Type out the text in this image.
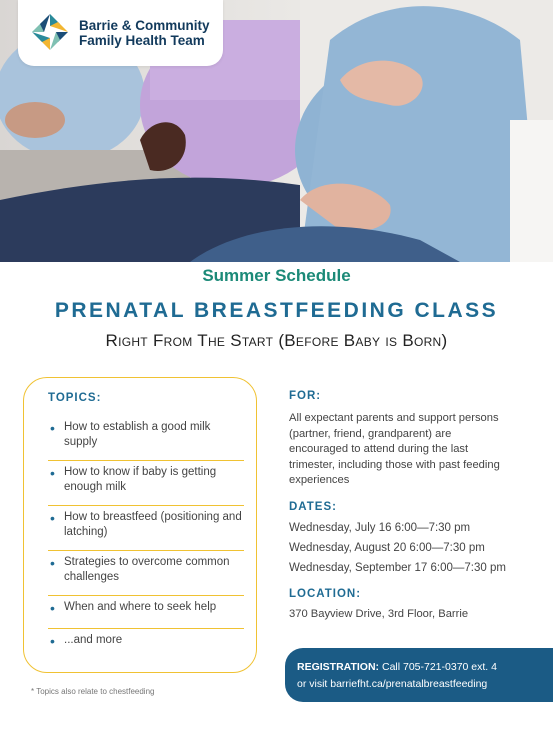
Barrie & Community
Family Health Team
Summer Schedule
PRENATAL BREASTFEEDING CLASS
Right From The Start (Before Baby is Born)
TOPICS:
• How to establish a good milk supply
• How to know if baby is getting enough milk
• How to breastfeed (positioning and latching)
• Strategies to overcome common challenges
• When and where to seek help
• ...and more
* Topics also relate to chestfeeding
FOR:
All expectant parents and support persons (partner, friend, grandparent) are encouraged to attend during the last trimester, including those with past feeding experiences
DATES:
Wednesday, July 16 6:00—7:30 pm
Wednesday, August 20 6:00—7:30 pm
Wednesday, September 17 6:00—7:30 pm
LOCATION:
370 Bayview Drive, 3rd Floor, Barrie
REGISTRATION: Call 705-721-0370 ext. 4
or visit barriefht.ca/prenatalbreastfeeding
